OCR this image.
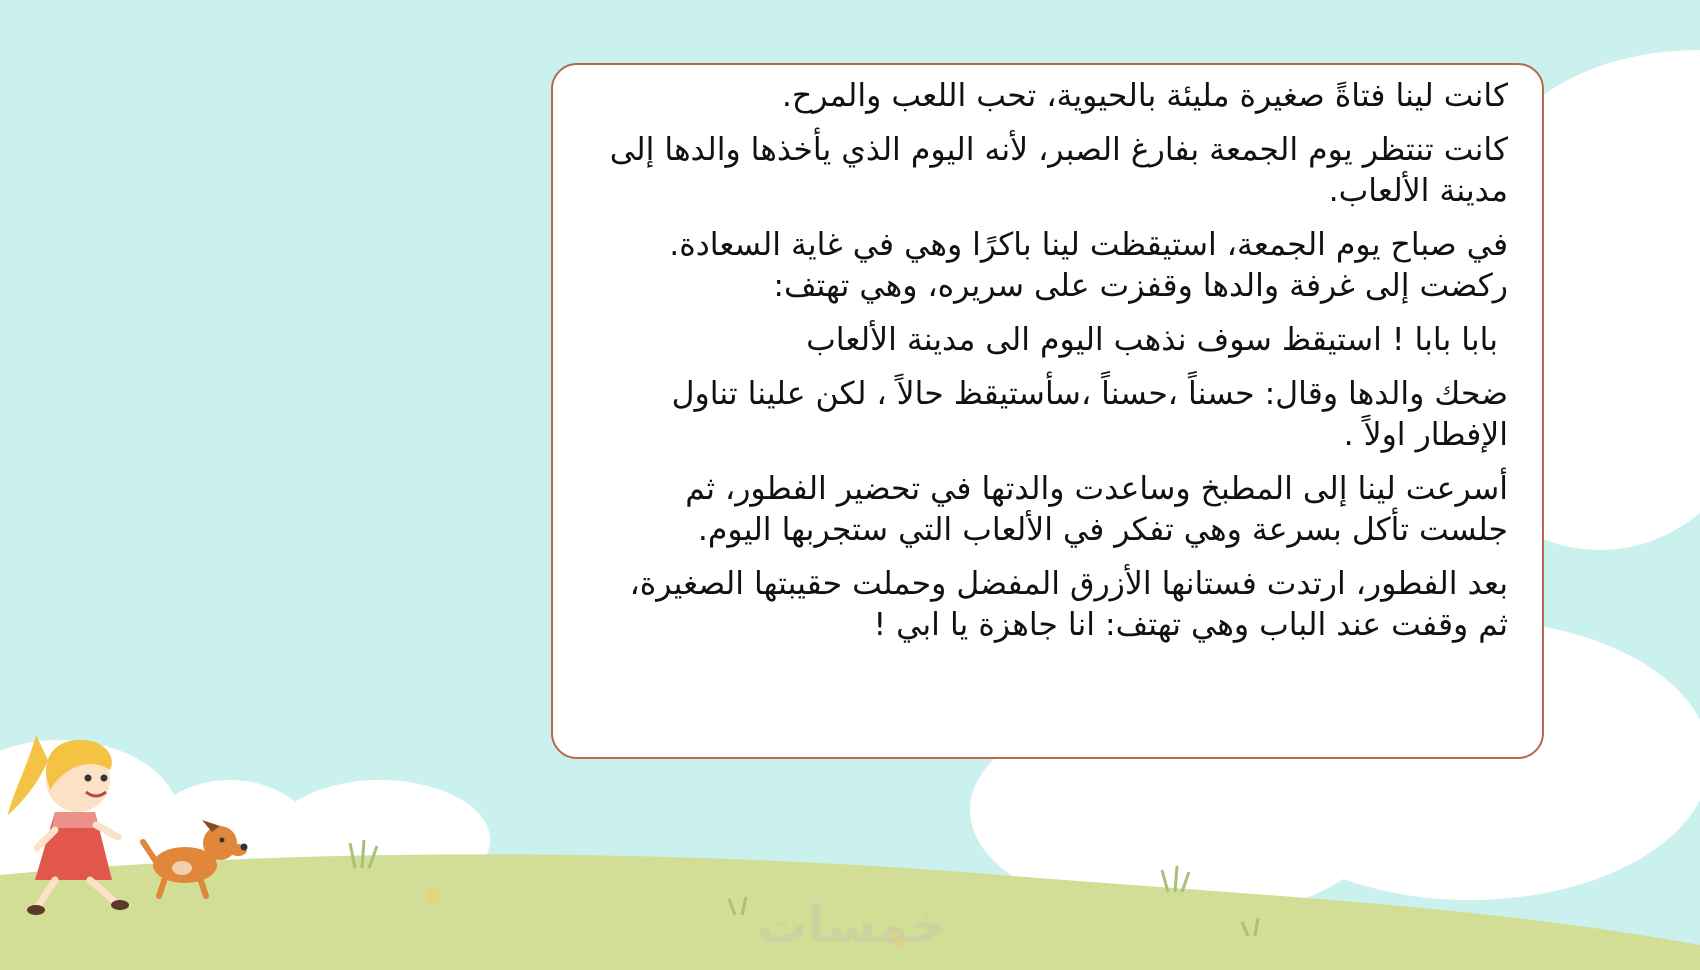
خمسات

كانت لينا فتاةً صغيرة مليئة بالحيوية، تحب اللعب والمرح.

كانت تنتظر يوم الجمعة بفارغ الصبر، لأنه اليوم الذي يأخذها والدها إلى مدينة الألعاب.

في صباح يوم الجمعة، استيقظت لينا باكرًا وهي في غاية السعادة. ركضت إلى غرفة والدها وقفزت على سريره، وهي تهتف:

بابا بابا ! استيقظ سوف نذهب اليوم الى مدينة الألعاب

ضحك والدها وقال: حسناً ،حسناً ،سأستيقظ حالاً ، لكن علينا تناول الإفطار اولاً .

أسرعت لينا إلى المطبخ وساعدت والدتها في تحضير الفطور، ثم جلست تأكل بسرعة وهي تفكر في الألعاب التي ستجربها اليوم.

بعد الفطور، ارتدت فستانها الأزرق المفضل وحملت حقيبتها الصغيرة، ثم وقفت عند الباب وهي تهتف: انا جاهزة يا ابي !
